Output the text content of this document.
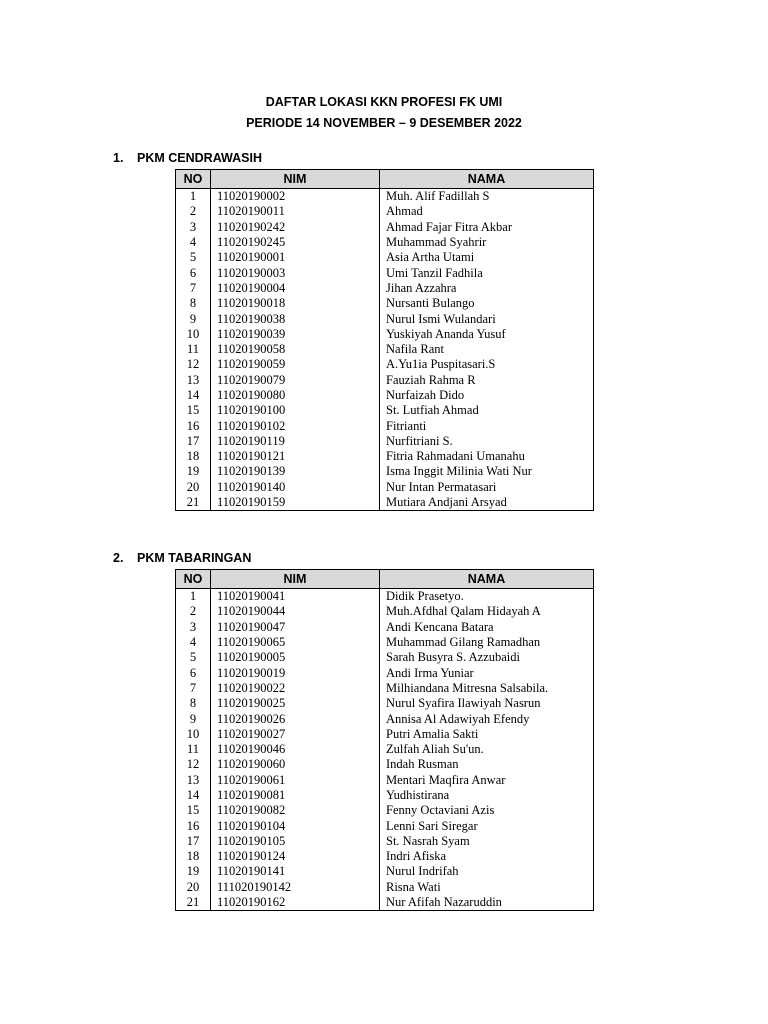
DAFTAR LOKASI KKN PROFESI FK UMI
PERIODE 14 NOVEMBER – 9 DESEMBER 2022
1. PKM CENDRAWASIH
NO	NIM	NAMA
1	11020190002	Muh. Alif Fadillah S
2	11020190011	Ahmad
3	11020190242	Ahmad Fajar Fitra Akbar
4	11020190245	Muhammad Syahrir
5	11020190001	Asia Artha Utami
6	11020190003	Umi Tanzil Fadhila
7	11020190004	Jihan Azzahra
8	11020190018	Nursanti Bulango
9	11020190038	Nurul Ismi Wulandari
10	11020190039	Yuskiyah Ananda Yusuf
11	11020190058	Nafila Rant
12	11020190059	A.Yu1ia Puspitasari.S
13	11020190079	Fauziah Rahma R
14	11020190080	Nurfaizah Dido
15	11020190100	St. Lutfiah Ahmad
16	11020190102	Fitrianti
17	11020190119	Nurfitriani S.
18	11020190121	Fitria Rahmadani Umanahu
19	11020190139	Isma Inggit Milinia Wati Nur
20	11020190140	Nur Intan Permatasari
21	11020190159	Mutiara Andjani Arsyad
2. PKM TABARINGAN
NO	NIM	NAMA
1	11020190041	Didik Prasetyo.
2	11020190044	Muh.Afdhal Qalam Hidayah A
3	11020190047	Andi Kencana Batara
4	11020190065	Muhammad Gilang Ramadhan
5	11020190005	Sarah Busyra S. Azzubaidi
6	11020190019	Andi Irma Yuniar
7	11020190022	Milhiandana Mitresna Salsabila.
8	11020190025	Nurul Syafira Ilawiyah Nasrun
9	11020190026	Annisa Al Adawiyah Efendy
10	11020190027	Putri Amalia Sakti
11	11020190046	Zulfah Aliah Su'un.
12	11020190060	Indah Rusman
13	11020190061	Mentari Maqfira Anwar
14	11020190081	Yudhistirana
15	11020190082	Fenny Octaviani Azis
16	11020190104	Lenni Sari Siregar
17	11020190105	St. Nasrah Syam
18	11020190124	Indri Afiska
19	11020190141	Nurul Indrifah
20	111020190142	Risna Wati
21	11020190162	Nur Afifah Nazaruddin
